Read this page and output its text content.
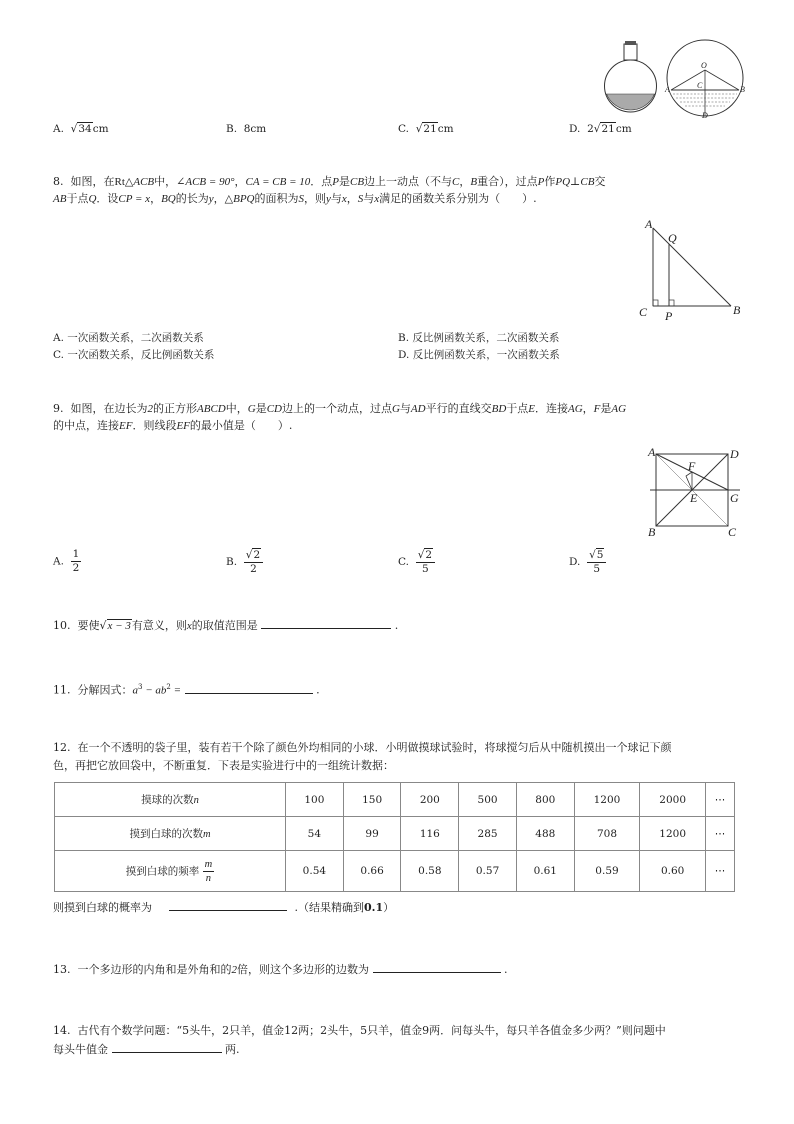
O
C
A	B
D
A. √34cm	B. 8cm	C. √21cm	D. 2√21cm
8. 如图，在Rt△ACB中，∠ACB = 90°，CA = CB = 10．点P是CB边上一动点（不与C，B重合），过点P作PQ⊥CB交
AB于点Q．设CP = x，BQ的长为y，△BPQ的面积为S，则y与x，S与x满足的函数关系分别为（　　）.
A
Q
C P	B
A. 一次函数关系，二次函数关系	B. 反比例函数关系，二次函数关系
C. 一次函数关系，反比例函数关系	D. 反比例函数关系，一次函数关系
9. 如图，在边长为2的正方形ABCD中，G是CD边上的一个动点，过点G与AD平行的直线交BD于点E．连接AG，F是AG
的中点，连接EF．则线段EF的最小值是（　　）.
A	D
F
E	G
B	C
A. $\frac{1}{2}$	B. $\frac{√2}{2}$	C. $\frac{√2}{5}$	D. $\frac{√5}{5}$
10. 要使√x − 3有意义，则x的取值范围是	.
11. 分解因式：$a^3 - ab^2$ =	.
12. 在一个不透明的袋子里，装有若干个除了颜色外均相同的小球．小明做摸球试验时，将球搅匀后从中随机摸出一个球记下颜
色，再把它放回袋中，不断重复．下表是实验进行中的一组统计数据：
摸球的次数n	100	150	200	500	800	1200	2000	⋯
摸到白球的次数m	54	99	116	285	488	708	1200	⋯
摸到白球的频率 $\frac{m}{n}$	0.54	0.66	0.58	0.57	0.61	0.59	0.60	⋯
则摸到白球的概率为	.（结果精确到0.1）
13. 一个多边形的内角和是外角和的2倍，则这个多边形的边数为	.
14. 古代有个数学问题：“5头牛，2只羊，值金12两；2头牛，5只羊，值金9两．问每头牛，每只羊各值金多少两？”则问题中
每头牛值金	两.
